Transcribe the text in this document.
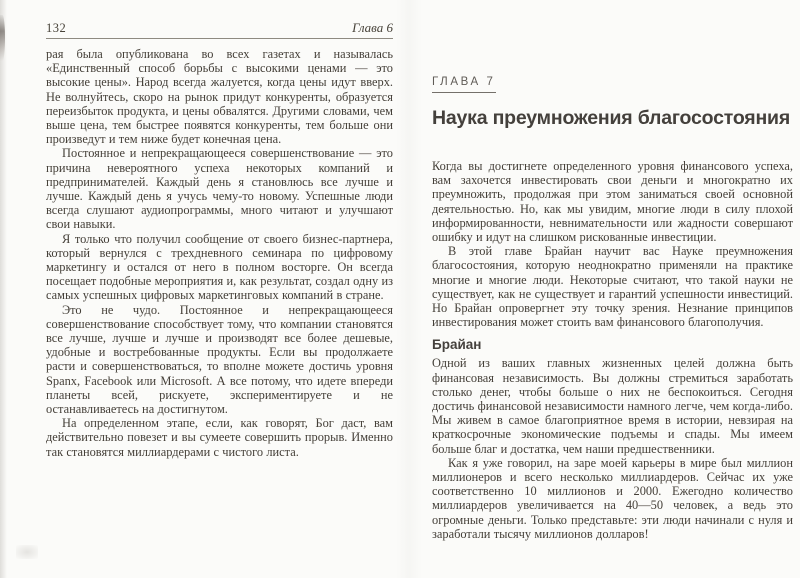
132	Глава 6

рая была опубликована во всех газетах и называлась «Единственный способ борьбы с высокими ценами — это высокие цены». Народ всегда жалуется, когда цены идут вверх. Не волнуйтесь, скоро на рынок придут конкуренты, образуется переизбыток продукта, и цены обвалятся. Другими словами, чем выше цена, тем быстрее появятся конкуренты, тем больше они произведут и тем ниже будет конечная цена.

Постоянное и непрекращающееся совершенствование — это причина невероятного успеха некоторых компаний и предпринимателей. Каждый день я становлюсь все лучше и лучше. Каждый день я учусь чему-то новому. Успешные люди всегда слушают аудиопрограммы, много читают и улучшают свои навыки.

Я только что получил сообщение от своего бизнес-партнера, который вернулся с трехдневного семинара по цифровому маркетингу и остался от него в полном восторге. Он всегда посещает подобные мероприятия и, как результат, создал одну из самых успешных цифровых маркетинговых компаний в стране.

Это не чудо. Постоянное и непрекращающееся совершенствование способствует тому, что компании становятся все лучше, лучше и лучше и производят все более дешевые, удобные и востребованные продукты. Если вы продолжаете расти и совершенствоваться, то вполне можете достичь уровня Spanx, Facebook или Microsoft. А все потому, что идете впереди планеты всей, рискуете, экспериментируете и не останавливаетесь на достигнутом.

На определенном этапе, если, как говорят, Бог даст, вам действительно повезет и вы сумеете совершить прорыв. Именно так становятся миллиардерами с чистого листа.

ГЛАВА 7
Наука преумножения благосостояния

Когда вы достигнете определенного уровня финансового успеха, вам захочется инвестировать свои деньги и многократно их преумножить, продолжая при этом заниматься своей основной деятельностью. Но, как мы увидим, многие люди в силу плохой информированности, невнимательности или жадности совершают ошибку и идут на слишком рискованные инвестиции.

В этой главе Брайан научит вас Науке преумножения благосостояния, которую неоднократно применяли на практике многие и многие люди. Некоторые считают, что такой науки не существует, как не существует и гарантий успешности инвестиций. Но Брайан опровергнет эту точку зрения. Незнание принципов инвестирования может стоить вам финансового благополучия.

Брайан

Одной из ваших главных жизненных целей должна быть финансовая независимость. Вы должны стремиться заработать столько денег, чтобы больше о них не беспокоиться. Сегодня достичь финансовой независимости намного легче, чем когда-либо. Мы живем в самое благоприятное время в истории, невзирая на краткосрочные экономические подъемы и спады. Мы имеем больше благ и достатка, чем наши предшественники.

Как я уже говорил, на заре моей карьеры в мире был миллион миллионеров и всего несколько миллиардеров. Сейчас их уже соответственно 10 миллионов и 2000. Ежегодно количество миллиардеров увеличивается на 40—50 человек, а ведь это огромные деньги. Только представьте: эти люди начинали с нуля и заработали тысячу миллионов долларов!
